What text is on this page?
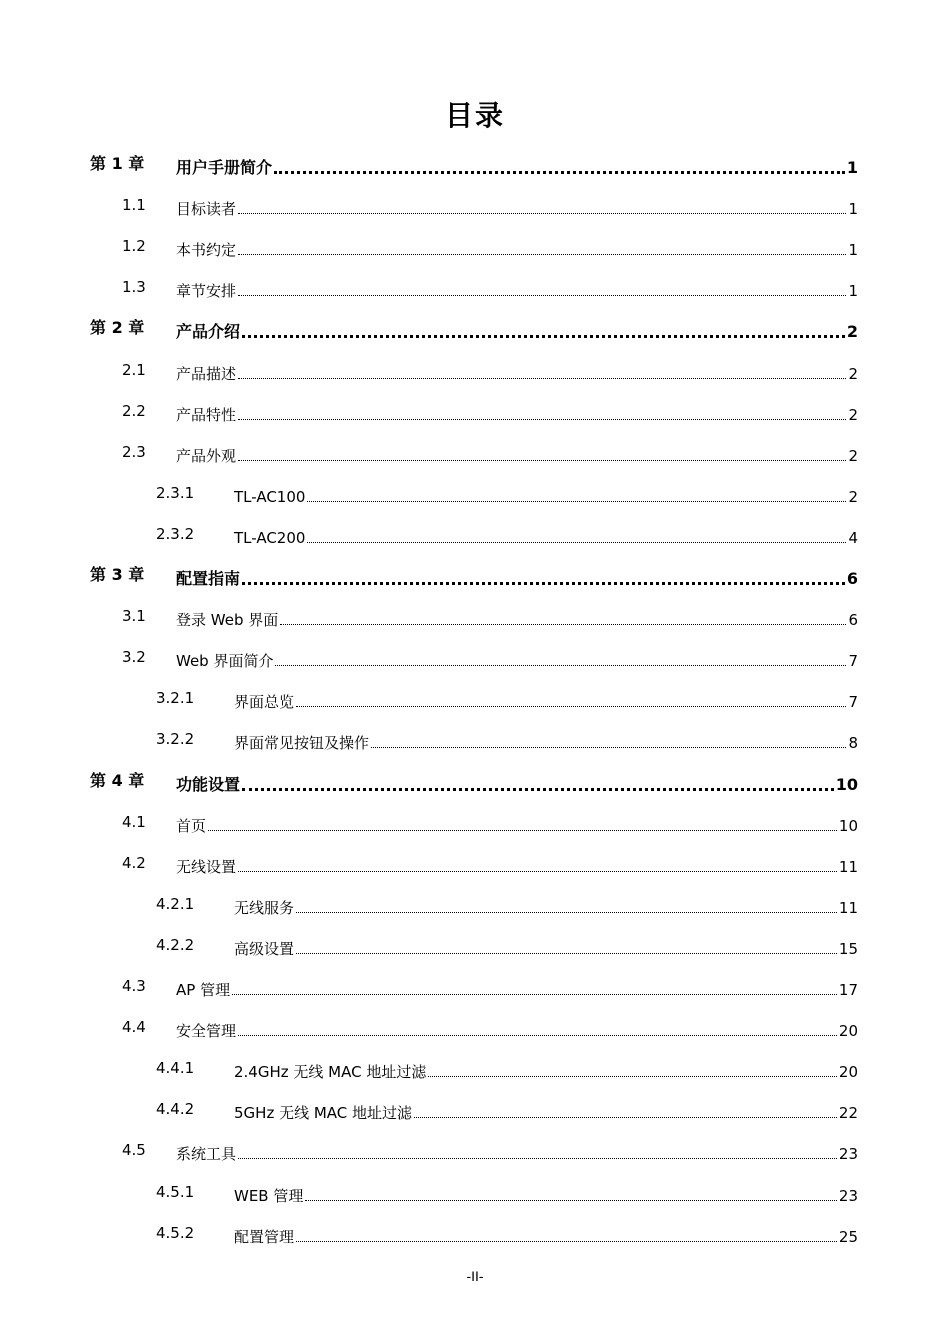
目录
第 1 章 用户手册简介	1
1.1 目标读者	1
1.2 本书约定	1
1.3 章节安排	1
第 2 章 产品介绍	2
2.1 产品描述	2
2.2 产品特性	2
2.3 产品外观	2
2.3.1	TL-AC100	2
2.3.2	TL-AC200	4
第 3 章 配置指南	6
3.1 登录 Web 界面	6
3.2 Web 界面简介	7
3.2.1	界面总览	7
3.2.2	界面常见按钮及操作	8
第 4 章 功能设置	10
4.1 首页	10
4.2 无线设置	11
4.2.1	无线服务	11
4.2.2	高级设置	15
4.3 AP 管理	17
4.4 安全管理	20
4.4.1	2.4GHz 无线 MAC 地址过滤	20
4.4.2	5GHz 无线 MAC 地址过滤	22
4.5 系统工具	23
4.5.1	WEB 管理	23
4.5.2	配置管理	25
-II-
